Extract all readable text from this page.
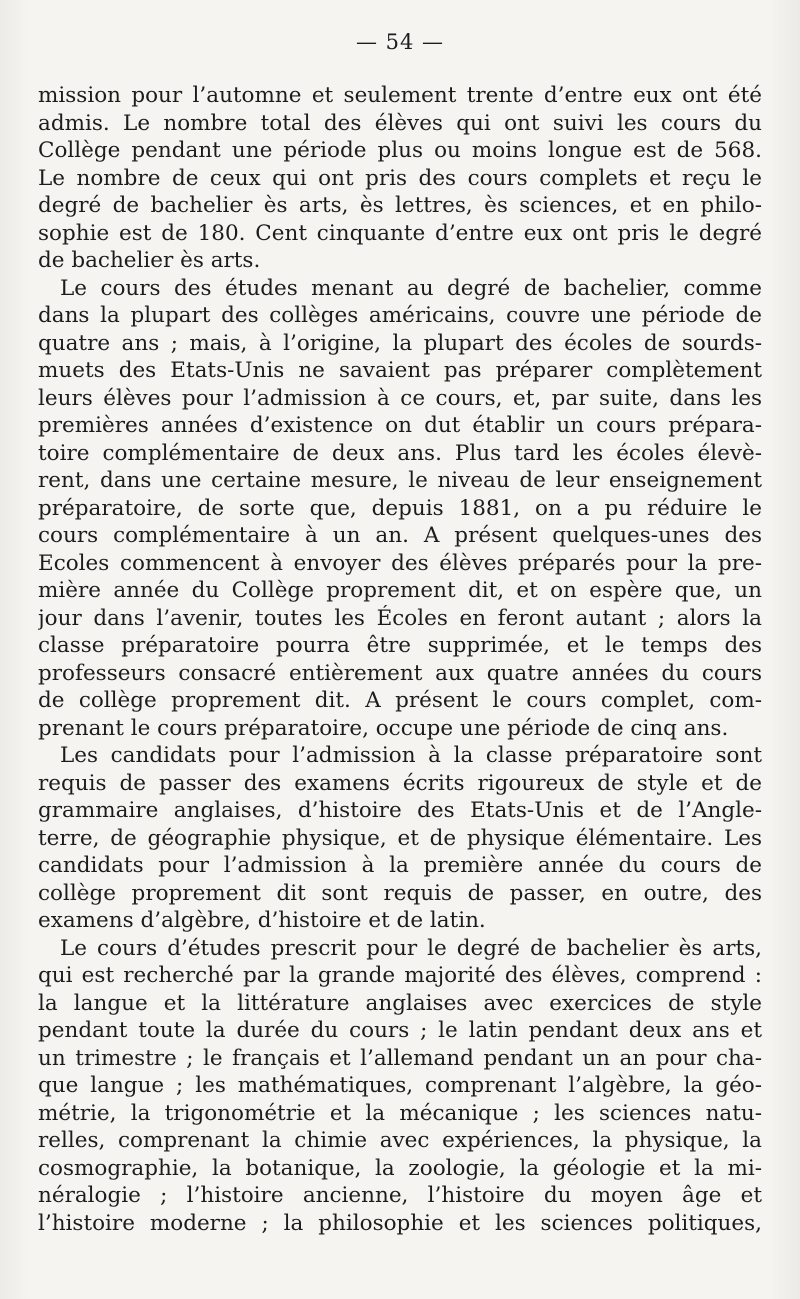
— 54 —
mission pour l’automne et seulement trente d’entre eux ont été
admis. Le nombre total des élèves qui ont suivi les cours du
Collège pendant une période plus ou moins longue est de 568.
Le nombre de ceux qui ont pris des cours complets et reçu le
degré de bachelier ès arts, ès lettres, ès sciences, et en philo-
sophie est de 180. Cent cinquante d’entre eux ont pris le degré
de bachelier ès arts.
Le cours des études menant au degré de bachelier, comme
dans la plupart des collèges américains, couvre une période de
quatre ans ; mais, à l’origine, la plupart des écoles de sourds-
muets des Etats-Unis ne savaient pas préparer complètement
leurs élèves pour l’admission à ce cours, et, par suite, dans les
premières années d’existence on dut établir un cours prépara-
toire complémentaire de deux ans. Plus tard les écoles élevè-
rent, dans une certaine mesure, le niveau de leur enseignement
préparatoire, de sorte que, depuis 1881, on a pu réduire le
cours complémentaire à un an. A présent quelques-unes des
Ecoles commencent à envoyer des élèves préparés pour la pre-
mière année du Collège proprement dit, et on espère que, un
jour dans l’avenir, toutes les Écoles en feront autant ; alors la
classe préparatoire pourra être supprimée, et le temps des
professeurs consacré entièrement aux quatre années du cours
de collège proprement dit. A présent le cours complet, com-
prenant le cours préparatoire, occupe une période de cinq ans.
Les candidats pour l’admission à la classe préparatoire sont
requis de passer des examens écrits rigoureux de style et de
grammaire anglaises, d’histoire des Etats-Unis et de l’Angle-
terre, de géographie physique, et de physique élémentaire. Les
candidats pour l’admission à la première année du cours de
collège proprement dit sont requis de passer, en outre, des
examens d’algèbre, d’histoire et de latin.
Le cours d’études prescrit pour le degré de bachelier ès arts,
qui est recherché par la grande majorité des élèves, comprend :
la langue et la littérature anglaises avec exercices de style
pendant toute la durée du cours ; le latin pendant deux ans et
un trimestre ; le français et l’allemand pendant un an pour cha-
que langue ; les mathématiques, comprenant l’algèbre, la géo-
métrie, la trigonométrie et la mécanique ; les sciences natu-
relles, comprenant la chimie avec expériences, la physique, la
cosmographie, la botanique, la zoologie, la géologie et la mi-
néralogie ; l’histoire ancienne, l’histoire du moyen âge et
l’histoire moderne ; la philosophie et les sciences politiques,
